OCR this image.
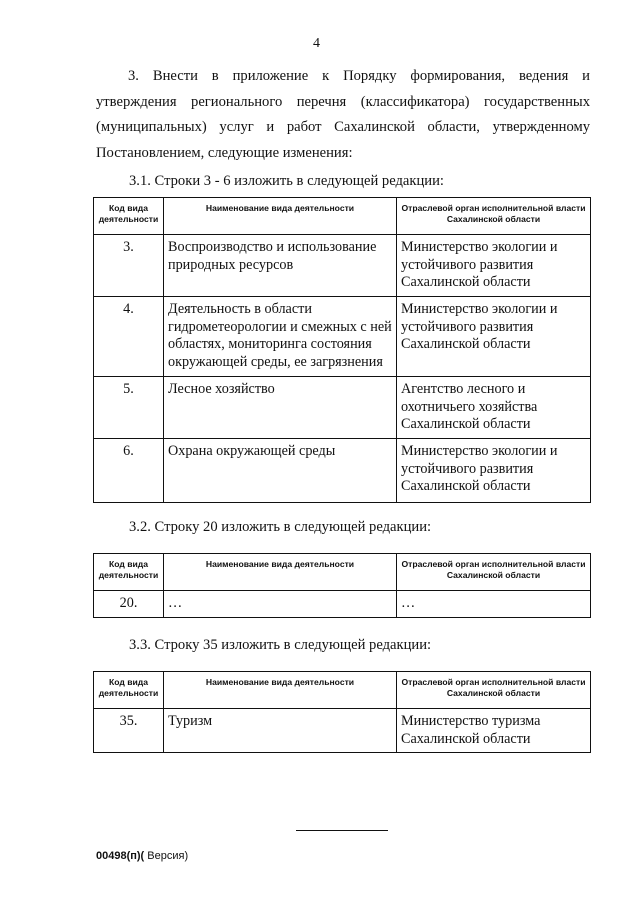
4

3. Внести в приложение к Порядку формирования, ведения и утверждения регионального перечня (классификатора) государственных (муниципальных) услуг и работ Сахалинской области, утвержденному Постановлением, следующие изменения:

3.1. Строки 3 - 6 изложить в следующей редакции:

Код вида деятельности	Наименование вида деятельности	Отраслевой орган исполнительной власти Сахалинской области
3.	Воспроизводство и использование природных ресурсов	Министерство экологии и устойчивого развития Сахалинской области
4.	Деятельность в области гидрометеорологии и смежных с ней областях, мониторинга состояния окружающей среды, ее загрязнения	Министерство экологии и устойчивого развития Сахалинской области
5.	Лесное хозяйство	Агентство лесного и охотничьего хозяйства Сахалинской области
6.	Охрана окружающей среды	Министерство экологии и устойчивого развития Сахалинской области

3.2. Строку 20 изложить в следующей редакции:

Код вида деятельности	Наименование вида деятельности	Отраслевой орган исполнительной власти Сахалинской области
20.	…	…

3.3. Строку 35 изложить в следующей редакции:

Код вида деятельности	Наименование вида деятельности	Отраслевой орган исполнительной власти Сахалинской области
35.	Туризм	Министерство туризма Сахалинской области
00498(п)( Версия)
